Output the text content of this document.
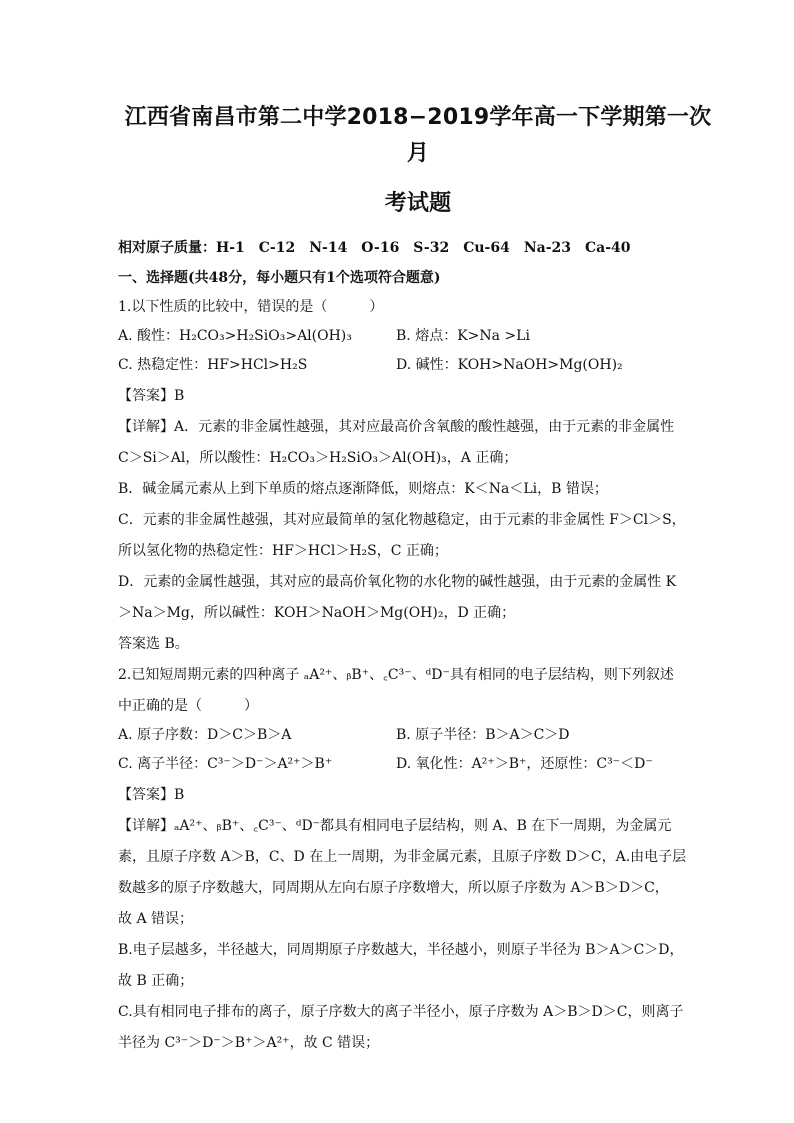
江西省南昌市第二中学2018−2019学年高一下学期第一次月
考试题
相对原子质量：H-1　C-12　N-14　O-16　S-32　Cu-64　Na-23　Ca-40
一、选择题(共48分，每小题只有1个选项符合题意)

1.以下性质的比较中，错误的是（　　　）

A. 酸性：H₂CO₃>H₂SiO₃>Al(OH)₃	B. 熔点：K>Na >Li
C. 热稳定性：HF>HCl>H₂S	D. 碱性：KOH>NaOH>Mg(OH)₂

【答案】B

【详解】A．元素的非金属性越强，其对应最高价含氧酸的酸性越强，由于元素的非金属性

C＞Si＞Al，所以酸性：H₂CO₃＞H₂SiO₃＞Al(OH)₃，A 正确；

B．碱金属元素从上到下单质的熔点逐渐降低，则熔点：K＜Na＜Li，B 错误；

C．元素的非金属性越强，其对应最简单的氢化物越稳定，由于元素的非金属性 F＞Cl＞S，

所以氢化物的热稳定性：HF＞HCl＞H₂S，C 正确；

D．元素的金属性越强，其对应的最高价氧化物的水化物的碱性越强，由于元素的金属性 K

＞Na＞Mg，所以碱性：KOH＞NaOH＞Mg(OH)₂，D 正确；

答案选 B。

2.已知短周期元素的四种离子 ₐA²⁺、ᵦB⁺、꜀C³⁻、ᵈD⁻具有相同的电子层结构，则下列叙述

中正确的是（　　　）

A. 原子序数：D＞C＞B＞A	B. 原子半径：B＞A＞C＞D
C. 离子半径：C³⁻＞D⁻＞A²⁺＞B⁺	D. 氧化性：A²⁺＞B⁺，还原性：C³⁻＜D⁻

【答案】B

【详解】ₐA²⁺、ᵦB⁺、꜀C³⁻、ᵈD⁻都具有相同电子层结构，则 A、B 在下一周期，为金属元

素，且原子序数 A＞B，C、D 在上一周期，为非金属元素，且原子序数 D＞C，A.由电子层

数越多的原子序数越大，同周期从左向右原子序数增大，所以原子序数为 A＞B＞D＞C，

故 A 错误；

B.电子层越多，半径越大，同周期原子序数越大，半径越小，则原子半径为 B＞A＞C＞D，

故 B 正确；

C.具有相同电子排布的离子，原子序数大的离子半径小，原子序数为 A＞B＞D＞C，则离子

半径为 C³⁻＞D⁻＞B⁺＞A²⁺，故 C 错误；
